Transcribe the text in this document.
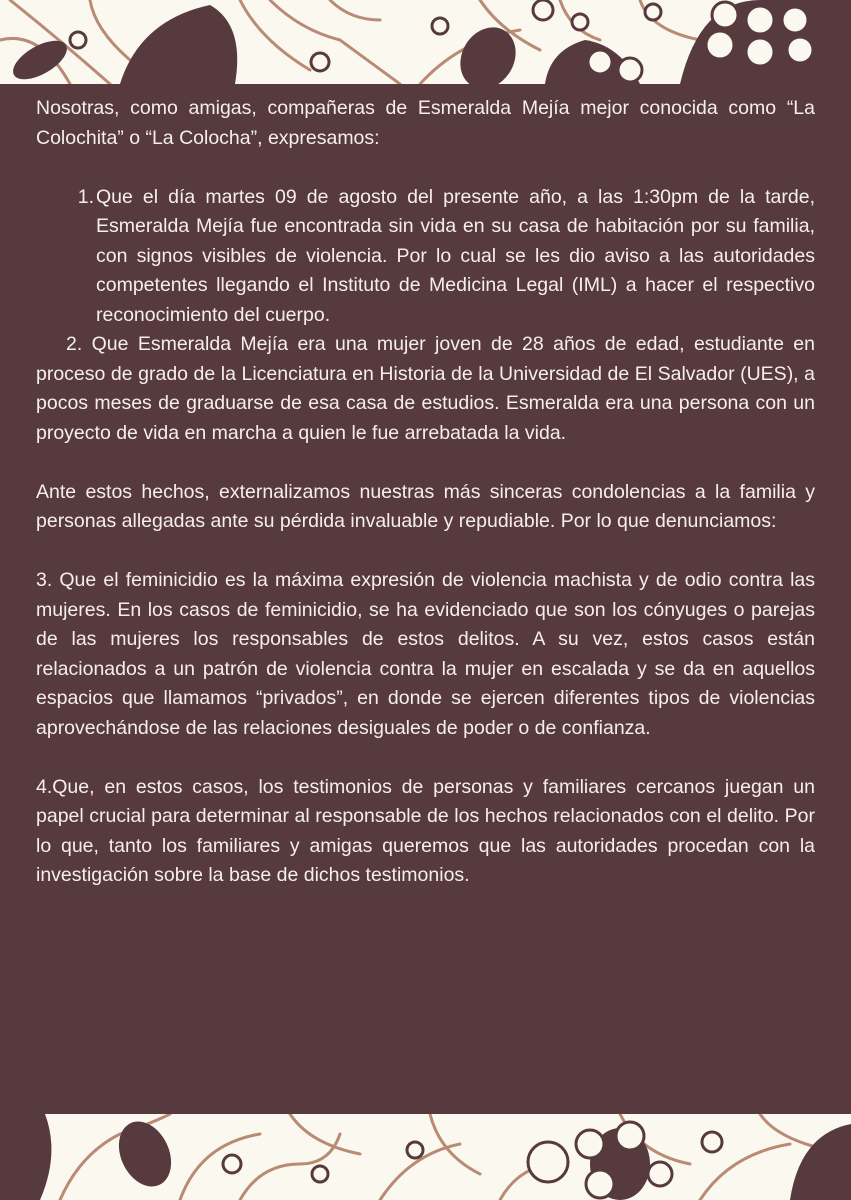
Nosotras, como amigas, compañeras de Esmeralda Mejía mejor conocida como “La Colochita” o “La Colocha”, expresamos:

1. Que el día martes 09 de agosto del presente año, a las 1:30pm de la tarde, Esmeralda Mejía fue encontrada sin vida en su casa de habitación por su familia, con signos visibles de violencia. Por lo cual se les dio aviso a las autoridades competentes llegando el Instituto de Medicina Legal (IML) a hacer el respectivo reconocimiento del cuerpo.

2. Que Esmeralda Mejía era una mujer joven de 28 años de edad, estudiante en proceso de grado de la Licenciatura en Historia de la Universidad de El Salvador (UES), a pocos meses de graduarse de esa casa de estudios. Esmeralda era una persona con un proyecto de vida en marcha a quien le fue arrebatada la vida.

Ante estos hechos, externalizamos nuestras más sinceras condolencias a la familia y personas allegadas ante su pérdida invaluable y repudiable. Por lo que denunciamos:

3. Que el feminicidio es la máxima expresión de violencia machista y de odio contra las mujeres. En los casos de feminicidio, se ha evidenciado que son los cónyuges o parejas de las mujeres los responsables de estos delitos. A su vez, estos casos están relacionados a un patrón de violencia contra la mujer en escalada y se da en aquellos espacios que llamamos “privados”, en donde se ejercen diferentes tipos de violencias aprovechándose de las relaciones desiguales de poder o de confianza.

4.Que, en estos casos, los testimonios de personas y familiares cercanos juegan un papel crucial para determinar al responsable de los hechos relacionados con el delito. Por lo que, tanto los familiares y amigas queremos que las autoridades procedan con la investigación sobre la base de dichos testimonios.
